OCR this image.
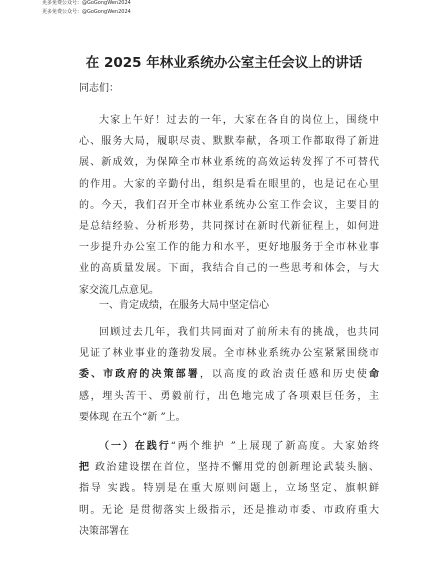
更多免费公众号：@GoGongWen2024
更多免费公众号：@GoGongWen2024
在 2025 年林业系统办公室主任会议上的讲话
同志们：
大家上午好！过去的一年，大家在各自的岗位上，围绕中
心、服务大局，履职尽责、默默奉献，各项工作都取得了新进
展、新成效，为保障全市林业系统的高效运转发挥了不可替代
的作用。大家的辛勤付出，组织是看在眼里的，也是记在心里
的。今天，我们召开全市林业系统办公室工作会议，主要目的
是总结经验、分析形势，共同探讨在新时代新征程上，如何进
一步提升办公室工作的能力和水平，更好地服务于全市林业事
业的高质量发展。下面，我结合自己的一些思考和体会，与大
家交流几点意见。
一、肯定成绩，在服务大局中坚定信心
回顾过去几年，我们共同面对了前所未有的挑战，也共同
见证了林业事业的蓬勃发展。全市林业系统办公室紧紧围绕市
委、市政府的决策部署，以高度的政治责任感和历史使命
感，埋头苦干、勇毅前行，出色地完成了各项艰巨任务，主
要体现 在五个“新 ”上。
（一）在践行“两个维护 ”上展现了新高度。大家始终
把 政治建设摆在首位，坚持不懈用党的创新理论武装头脑、
指导 实践。特别是在重大原则问题上，立场坚定、旗帜鲜
明。无论 是贯彻落实上级指示，还是推动市委、市政府重大
决策部署在
